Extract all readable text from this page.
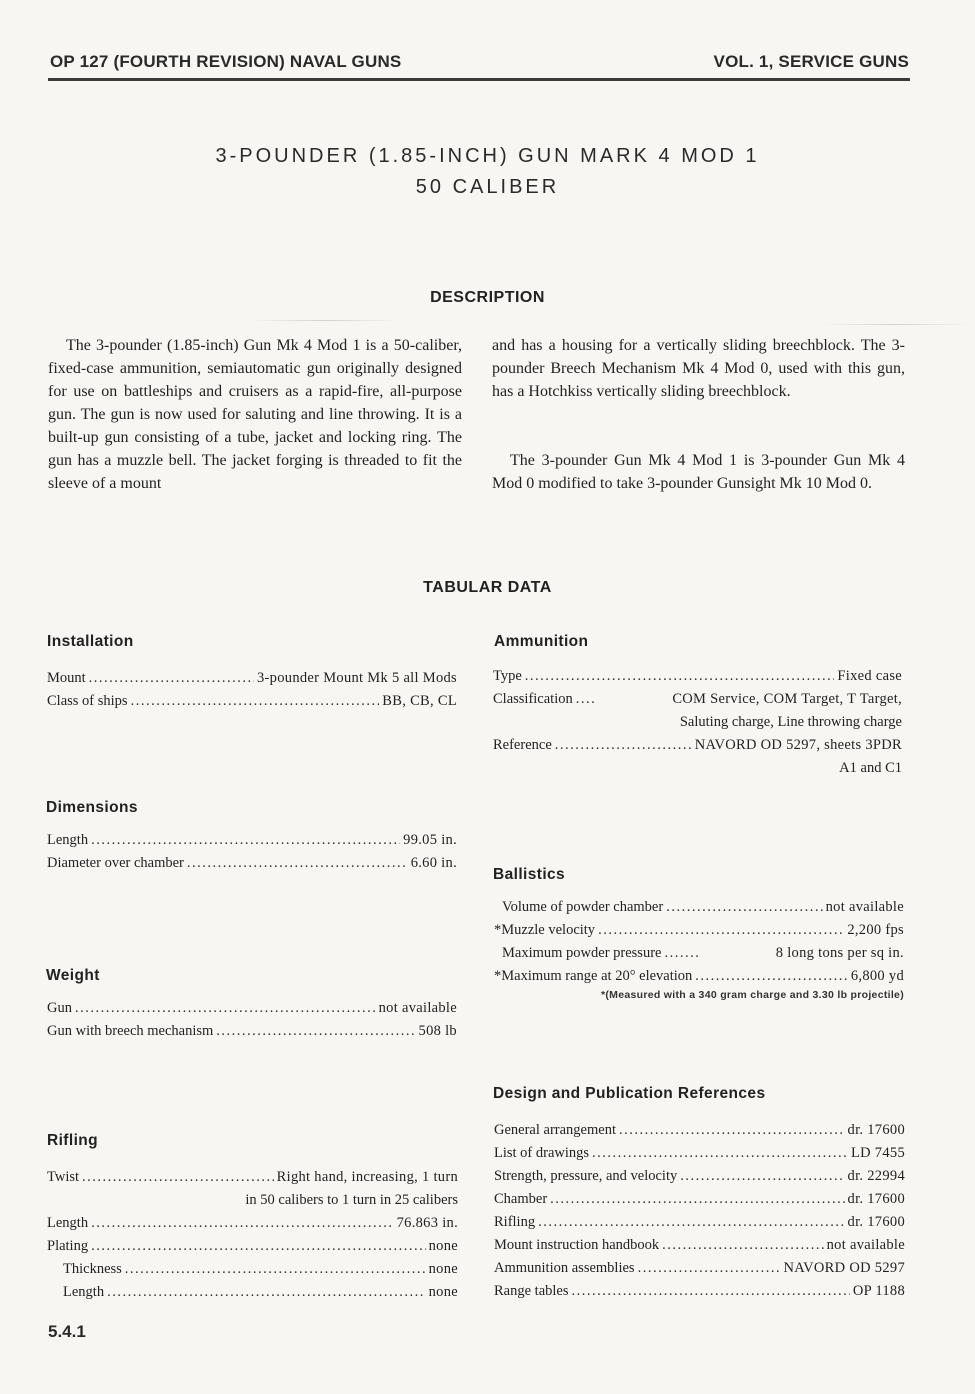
OP 127 (FOURTH REVISION) NAVAL GUNS	VOL. 1, SERVICE GUNS
3-POUNDER (1.85-INCH) GUN MARK 4 MOD 1
50 CALIBER
DESCRIPTION
The 3-pounder (1.85-inch) Gun Mk 4 Mod 1 is a 50-caliber, fixed-case ammunition, semiautomatic gun originally designed for use on battleships and cruisers as a rapid-fire, all-purpose gun. The gun is now used for saluting and line throwing. It is a built-up gun consisting of a tube, jacket and locking ring. The gun has a muzzle bell. The jacket forging is threaded to fit the sleeve of a mount
and has a housing for a vertically sliding breechblock. The 3-pounder Breech Mechanism Mk 4 Mod 0, used with this gun, has a Hotchkiss vertically sliding breechblock.
The 3-pounder Gun Mk 4 Mod 1 is 3-pounder Gun Mk 4 Mod 0 modified to take 3-pounder Gunsight Mk 10 Mod 0.
TABULAR DATA
Installation
Mount .....	3-pounder Mount Mk 5 all Mods
Class of ships .....	BB, CB, CL
Dimensions
Length .....	99.05 in.
Diameter over chamber .....	6.60 in.
Weight
Gun .....	not available
Gun with breech mechanism .....	508 lb
Rifling
Twist .....	Right hand, increasing, 1 turn
in 50 calibers to 1 turn in 25 calibers
Length .....	76.863 in.
Plating .....	none
Thickness .....	none
Length .....	none
Ammunition
Type .....	Fixed case
Classification .....	COM Service, COM Target, T Target,
Saluting charge, Line throwing charge
Reference .....	NAVORD OD 5297, sheets 3PDR
A1 and C1
Ballistics
Volume of powder chamber .....	not available
*Muzzle velocity .....	2,200 fps
Maximum powder pressure .....	8 long tons per sq in.
*Maximum range at 20° elevation .....	6,800 yd
*(Measured with a 340 gram charge and 3.30 lb projectile)
Design and Publication References
General arrangement .....	dr. 17600
List of drawings .....	LD 7455
Strength, pressure, and velocity .....	dr. 22994
Chamber .....	dr. 17600
Rifling .....	dr. 17600
Mount instruction handbook .....	not available
Ammunition assemblies .....	NAVORD OD 5297
Range tables .....	OP 1188
5.4.1
